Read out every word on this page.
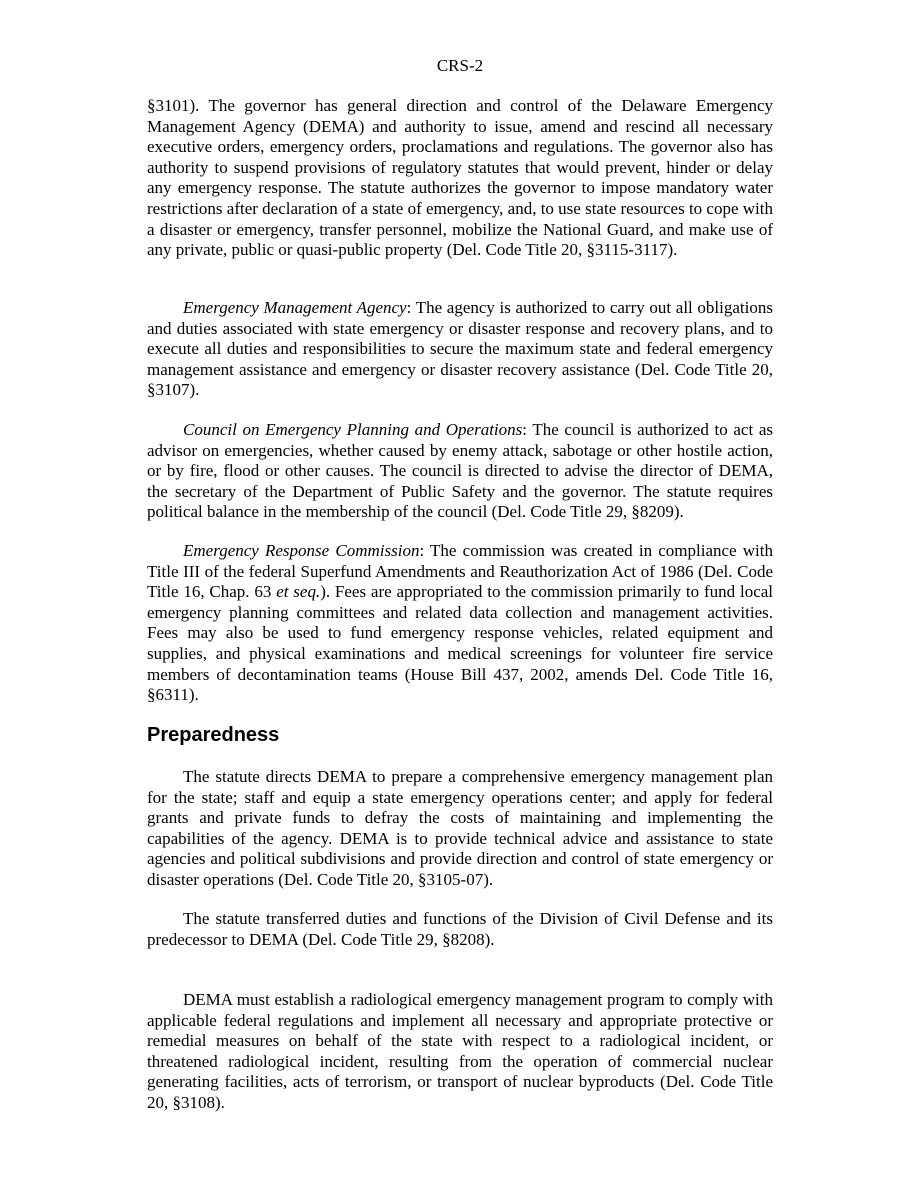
CRS-2

§3101). The governor has general direction and control of the Delaware Emergency Management Agency (DEMA) and authority to issue, amend and rescind all necessary executive orders, emergency orders, proclamations and regulations. The governor also has authority to suspend provisions of regulatory statutes that would prevent, hinder or delay any emergency response. The statute authorizes the governor to impose mandatory water restrictions after declaration of a state of emergency, and, to use state resources to cope with a disaster or emergency, transfer personnel, mobilize the National Guard, and make use of any private, public or quasi-public property (Del. Code Title 20, §3115-3117).

Emergency Management Agency: The agency is authorized to carry out all obligations and duties associated with state emergency or disaster response and recovery plans, and to execute all duties and responsibilities to secure the maximum state and federal emergency management assistance and emergency or disaster recovery assistance (Del. Code Title 20, §3107).

Council on Emergency Planning and Operations: The council is authorized to act as advisor on emergencies, whether caused by enemy attack, sabotage or other hostile action, or by fire, flood or other causes. The council is directed to advise the director of DEMA, the secretary of the Department of Public Safety and the governor. The statute requires political balance in the membership of the council (Del. Code Title 29, §8209).

Emergency Response Commission: The commission was created in compliance with Title III of the federal Superfund Amendments and Reauthorization Act of 1986 (Del. Code Title 16, Chap. 63 et seq.). Fees are appropriated to the commission primarily to fund local emergency planning committees and related data collection and management activities. Fees may also be used to fund emergency response vehicles, related equipment and supplies, and physical examinations and medical screenings for volunteer fire service members of decontamination teams (House Bill 437, 2002, amends Del. Code Title 16, §6311).

Preparedness

The statute directs DEMA to prepare a comprehensive emergency management plan for the state; staff and equip a state emergency operations center; and apply for federal grants and private funds to defray the costs of maintaining and implementing the capabilities of the agency. DEMA is to provide technical advice and assistance to state agencies and political subdivisions and provide direction and control of state emergency or disaster operations (Del. Code Title 20, §3105-07).

The statute transferred duties and functions of the Division of Civil Defense and its predecessor to DEMA (Del. Code Title 29, §8208).

DEMA must establish a radiological emergency management program to comply with applicable federal regulations and implement all necessary and appropriate protective or remedial measures on behalf of the state with respect to a radiological incident, or threatened radiological incident, resulting from the operation of commercial nuclear generating facilities, acts of terrorism, or transport of nuclear byproducts (Del. Code Title 20, §3108).
